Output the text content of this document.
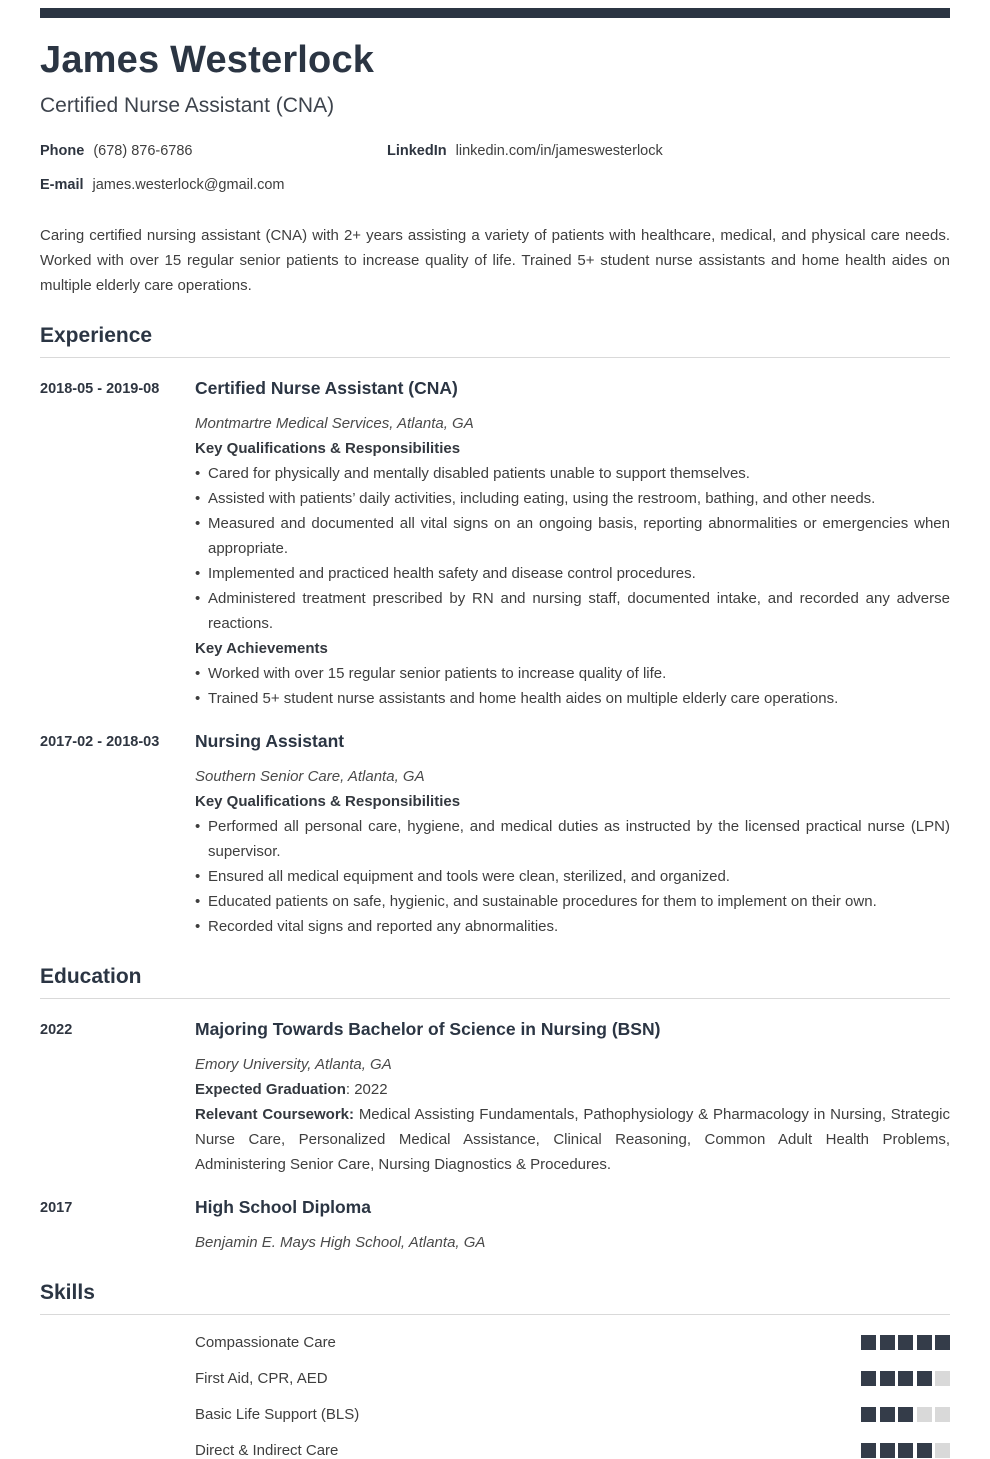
James Westerlock
Certified Nurse Assistant (CNA)
Phone (678) 876-6786	LinkedIn linkedin.com/in/jameswesterlock
E-mail james.westerlock@gmail.com

Caring certified nursing assistant (CNA) with 2+ years assisting a variety of patients with healthcare, medical, and physical care needs. Worked with over 15 regular senior patients to increase quality of life. Trained 5+ student nurse assistants and home health aides on multiple elderly care operations.

Experience
2018-05 - 2019-08	Certified Nurse Assistant (CNA)
Montmartre Medical Services, Atlanta, GA
Key Qualifications & Responsibilities
• Cared for physically and mentally disabled patients unable to support themselves.
• Assisted with patients’ daily activities, including eating, using the restroom, bathing, and other needs.
• Measured and documented all vital signs on an ongoing basis, reporting abnormalities or emergencies when appropriate.
• Implemented and practiced health safety and disease control procedures.
• Administered treatment prescribed by RN and nursing staff, documented intake, and recorded any adverse reactions.
Key Achievements
• Worked with over 15 regular senior patients to increase quality of life.
• Trained 5+ student nurse assistants and home health aides on multiple elderly care operations.
2017-02 - 2018-03	Nursing Assistant
Southern Senior Care, Atlanta, GA
Key Qualifications & Responsibilities
• Performed all personal care, hygiene, and medical duties as instructed by the licensed practical nurse (LPN) supervisor.
• Ensured all medical equipment and tools were clean, sterilized, and organized.
• Educated patients on safe, hygienic, and sustainable procedures for them to implement on their own.
• Recorded vital signs and reported any abnormalities.
Education
2022	Majoring Towards Bachelor of Science in Nursing (BSN)
Emory University, Atlanta, GA
Expected Graduation: 2022
Relevant Coursework: Medical Assisting Fundamentals, Pathophysiology & Pharmacology in Nursing, Strategic Nurse Care, Personalized Medical Assistance, Clinical Reasoning, Common Adult Health Problems, Administering Senior Care, Nursing Diagnostics & Procedures.
2017	High School Diploma
Benjamin E. Mays High School, Atlanta, GA
Skills
Compassionate Care
First Aid, CPR, AED
Basic Life Support (BLS)
Direct & Indirect Care
